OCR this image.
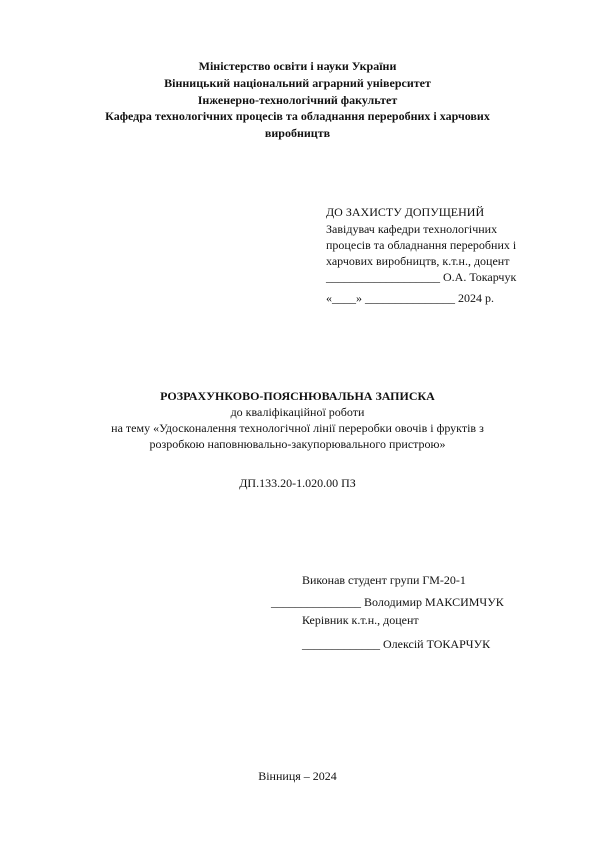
Міністерство освіти і науки України
Вінницький національний аграрний університет
Інженерно-технологічний факультет
Кафедра технологічних процесів та обладнання переробних і харчових
виробництв
ДО ЗАХИСТУ ДОПУЩЕНИЙ
Завідувач кафедри технологічних
процесів та обладнання переробних і
харчових виробництв, к.т.н., доцент
___________________ О.А. Токарчук
«____» _______________ 2024 р.
РОЗРАХУНКОВО-ПОЯСНЮВАЛЬНА ЗАПИСКА
до кваліфікаційної роботи
на тему «Удосконалення технологічної лінії переробки овочів і фруктів з
розробкою наповнювально-закупорювального пристрою»
ДП.133.20-1.020.00 ПЗ
Виконав студент групи ГМ-20-1
_______________ Володимир МАКСИМЧУК
Керівник к.т.н., доцент
_____________ Олексій ТОКАРЧУК
Вінниця – 2024
